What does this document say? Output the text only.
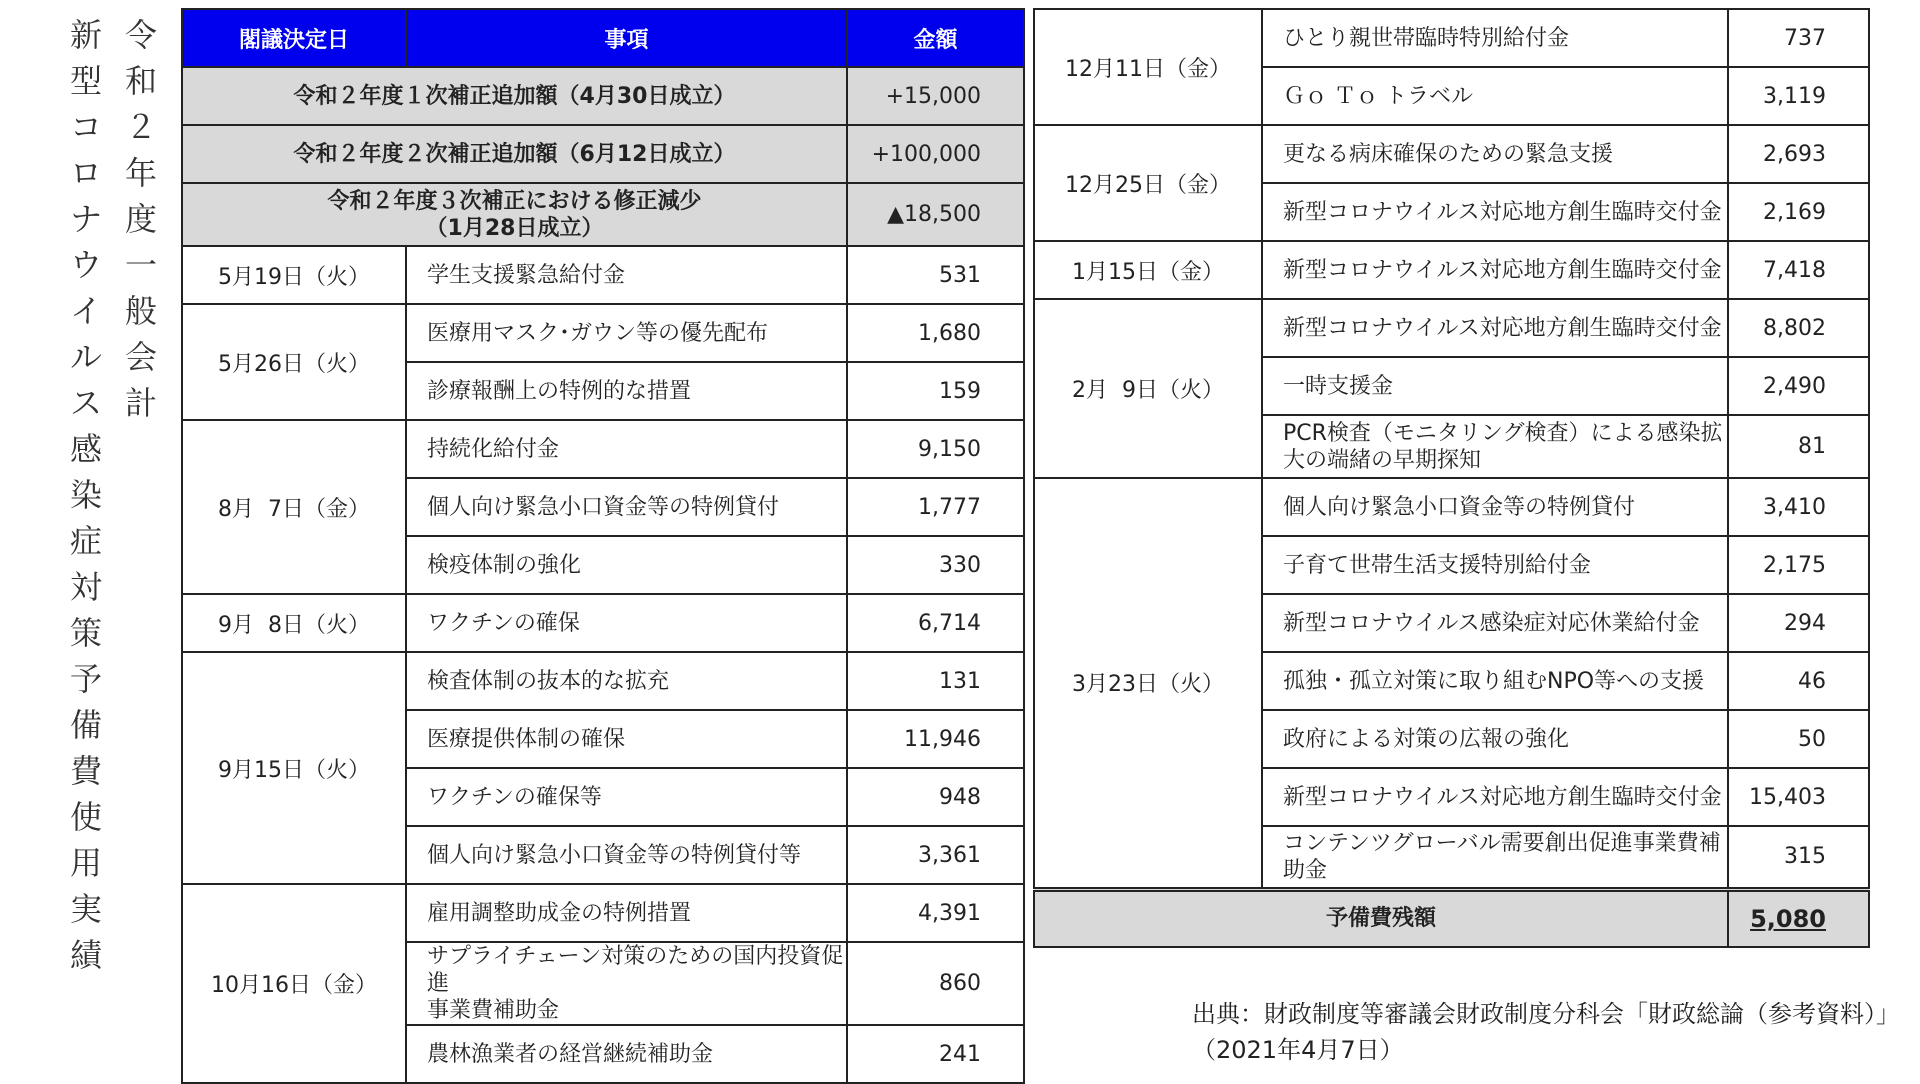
新
型
コ
ロ
ナ
ウ
イ
ル
ス
感
染
症
対
策
予
備
費
使
用
実
績
令
和
２
年
度
一
般
会
計
閣議決定日	事項	金額
令和２年度１次補正追加額（4月30日成立）		+15,000
令和２年度２次補正追加額（6月12日成立）		+100,000
令和２年度３次補正における修正減少
（1月28日成立）		▲18,500
5月19日（火）	学生支援緊急給付金	531
5月26日（火）	医療用マスク･ガウン等の優先配布	1,680
	診療報酬上の特例的な措置	159
8月  7日（金）	持続化給付金	9,150
	個人向け緊急小口資金等の特例貸付	1,777
	検疫体制の強化	330
9月  8日（火）	ワクチンの確保	6,714
9月15日（火）	検査体制の抜本的な拡充	131
	医療提供体制の確保	11,946
	ワクチンの確保等	948
	個人向け緊急小口資金等の特例貸付等	3,361
10月16日（金）	雇用調整助成金の特例措置	4,391
	サプライチェーン対策のための国内投資促進
事業費補助金	860
	農林漁業者の経営継続補助金	241
12月11日（金）	ひとり親世帯臨時特別給付金	737
	Ｇｏ Ｔｏ トラベル	3,119
12月25日（金）	更なる病床確保のための緊急支援	2,693
	新型コロナウイルス対応地方創生臨時交付金	2,169
1月15日（金）	新型コロナウイルス対応地方創生臨時交付金	7,418
2月  9日（火）	新型コロナウイルス対応地方創生臨時交付金	8,802
	一時支援金	2,490
	PCR検査（モニタリング検査）による感染拡
大の端緒の早期探知	81
3月23日（火）	個人向け緊急小口資金等の特例貸付	3,410
	子育て世帯生活支援特別給付金	2,175
	新型コロナウイルス感染症対応休業給付金	294
	孤独・孤立対策に取り組むNPO等への支援	46
	政府による対策の広報の強化	50
	新型コロナウイルス対応地方創生臨時交付金	15,403
	コンテンツグローバル需要創出促進事業費補
助金	315
予備費残額		5,080
出典：財政制度等審議会財政制度分科会「財政総論（参考資料）」（2021年4月7日）
